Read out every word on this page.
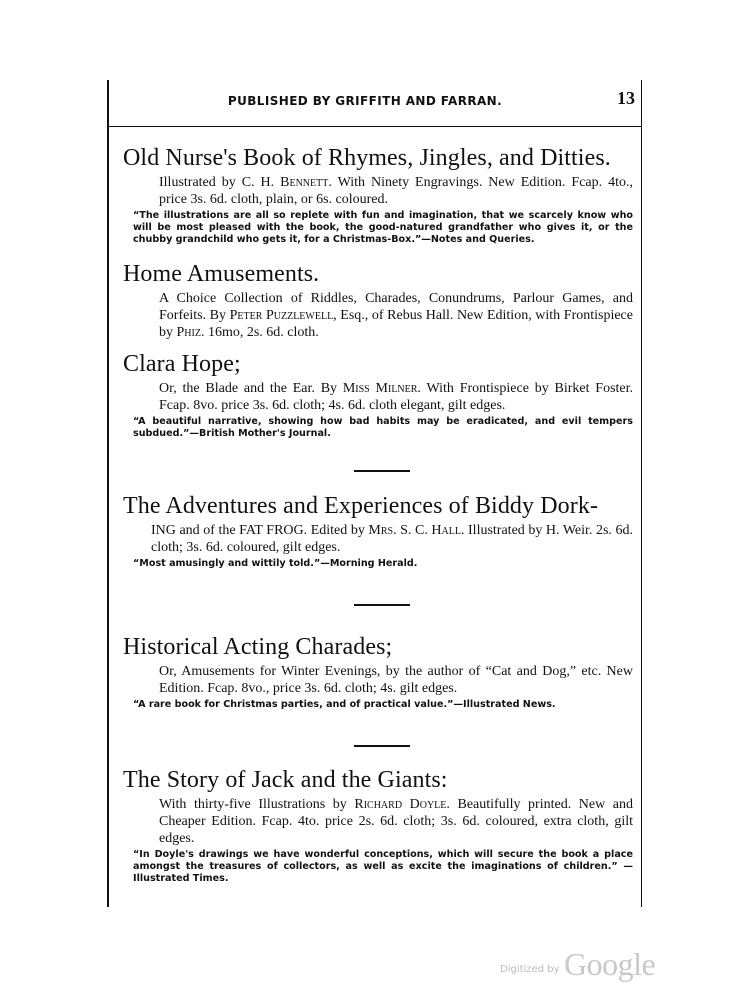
PUBLISHED BY GRIFFITH AND FARRAN.	13
Old Nurse's Book of Rhymes, Jingles, and Ditties.
Illustrated by C. H. Bennett. With Ninety Engravings. New Edition. Fcap. 4to., price 3s. 6d. cloth, plain, or 6s. coloured.
“The illustrations are all so replete with fun and imagination, that we scarcely know who will be most pleased with the book, the good-natured grandfather who gives it, or the chubby grandchild who gets it, for a Christmas-Box.”—Notes and Queries.
Home Amusements.
A Choice Collection of Riddles, Charades, Conundrums, Parlour Games, and Forfeits. By Peter Puzzlewell, Esq., of Rebus Hall. New Edition, with Frontispiece by Phiz. 16mo, 2s. 6d. cloth.
Clara Hope;
Or, the Blade and the Ear. By Miss Milner. With Frontispiece by Birket Foster. Fcap. 8vo. price 3s. 6d. cloth; 4s. 6d. cloth elegant, gilt edges.
“A beautiful narrative, showing how bad habits may be eradicated, and evil tempers subdued.”—British Mother's Journal.
The Adventures and Experiences of Biddy Dork-
ING and of the FAT FROG. Edited by Mrs. S. C. Hall. Illustrated by H. Weir. 2s. 6d. cloth; 3s. 6d. coloured, gilt edges.
“Most amusingly and wittily told.”—Morning Herald.
Historical Acting Charades;
Or, Amusements for Winter Evenings, by the author of “Cat and Dog,” etc. New Edition. Fcap. 8vo., price 3s. 6d. cloth; 4s. gilt edges.
“A rare book for Christmas parties, and of practical value.”—Illustrated News.
The Story of Jack and the Giants:
With thirty-five Illustrations by Richard Doyle. Beautifully printed. New and Cheaper Edition. Fcap. 4to. price 2s. 6d. cloth; 3s. 6d. coloured, extra cloth, gilt edges.
“In Doyle's drawings we have wonderful conceptions, which will secure the book a place amongst the treasures of collectors, as well as excite the imaginations of children.” —Illustrated Times.
Digitized by Google
